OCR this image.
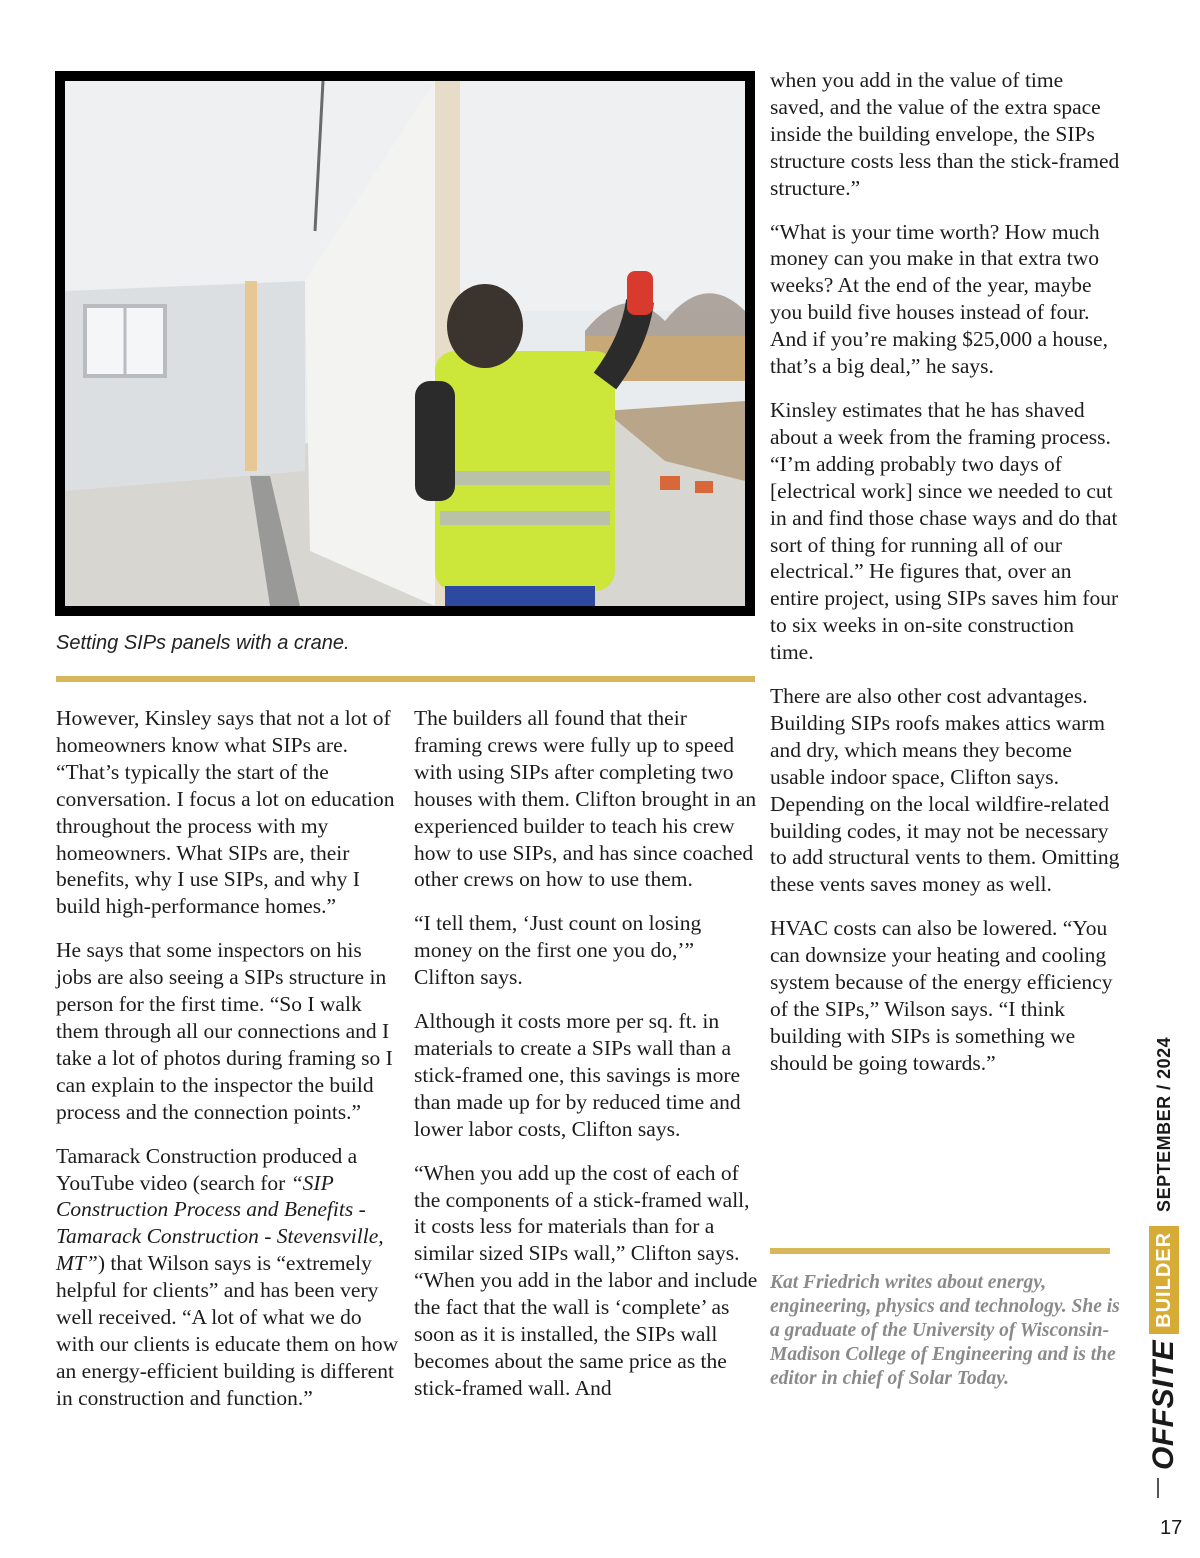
Setting SIPs panels with a crane.

However, Kinsley says that not a lot of homeowners know what SIPs are. “That’s typically the start of the conversation. I focus a lot on education throughout the process with my homeowners. What SIPs are, their benefits, why I use SIPs, and why I build high-performance homes.”

He says that some inspectors on his jobs are also seeing a SIPs structure in person for the first time. “So I walk them through all our connections and I take a lot of photos during framing so I can explain to the inspector the build process and the connection points.”

Tamarack Construction produced a YouTube video (search for “SIP Construction Process and Benefits -Tamarack Construction - Stevensville, MT”) that Wilson says is “extremely helpful for clients” and has been very well received. “A lot of what we do with our clients is educate them on how an energy-efficient building is different in construction and function.”

The builders all found that their framing crews were fully up to speed with using SIPs after completing two houses with them. Clifton brought in an experienced builder to teach his crew how to use SIPs, and has since coached other crews on how to use them.

“I tell them, ‘Just count on losing money on the first one you do,’” Clifton says.

Although it costs more per sq. ft. in materials to create a SIPs wall than a stick-framed one, this savings is more than made up for by reduced time and lower labor costs, Clifton says.

“When you add up the cost of each of the components of a stick-framed wall, it costs less for materials than for a similar sized SIPs wall,” Clifton says. “When you add in the labor and include the fact that the wall is ‘complete’ as soon as it is installed, the SIPs wall becomes about the same price as the stick-framed wall. And

when you add in the value of time saved, and the value of the extra space inside the building envelope, the SIPs structure costs less than the stick-framed structure.”

“What is your time worth? How much money can you make in that extra two weeks? At the end of the year, maybe you build five houses instead of four. And if you’re making $25,000 a house, that’s a big deal,” he says.

Kinsley estimates that he has shaved about a week from the framing process. “I’m adding probably two days of [electrical work] since we needed to cut in and find those chase ways and do that sort of thing for running all of our electrical.” He figures that, over an entire project, using SIPs saves him four to six weeks in on-site construction time.

There are also other cost advantages. Building SIPs roofs makes attics warm and dry, which means they become usable indoor space, Clifton says. Depending on the local wildfire-related building codes, it may not be necessary to add structural vents to them. Omitting these vents saves money as well.

HVAC costs can also be lowered. “You can downsize your heating and cooling system because of the energy efficiency of the SIPs,” Wilson says. “I think building with SIPs is something we should be going towards.”

Kat Friedrich writes about energy, engineering, physics and technology. She is a graduate of the University of Wisconsin-Madison College of Engineering and is the editor in chief of Solar Today.	OFFSITE
BUILDER
SEPTEMBER / 2024
17
